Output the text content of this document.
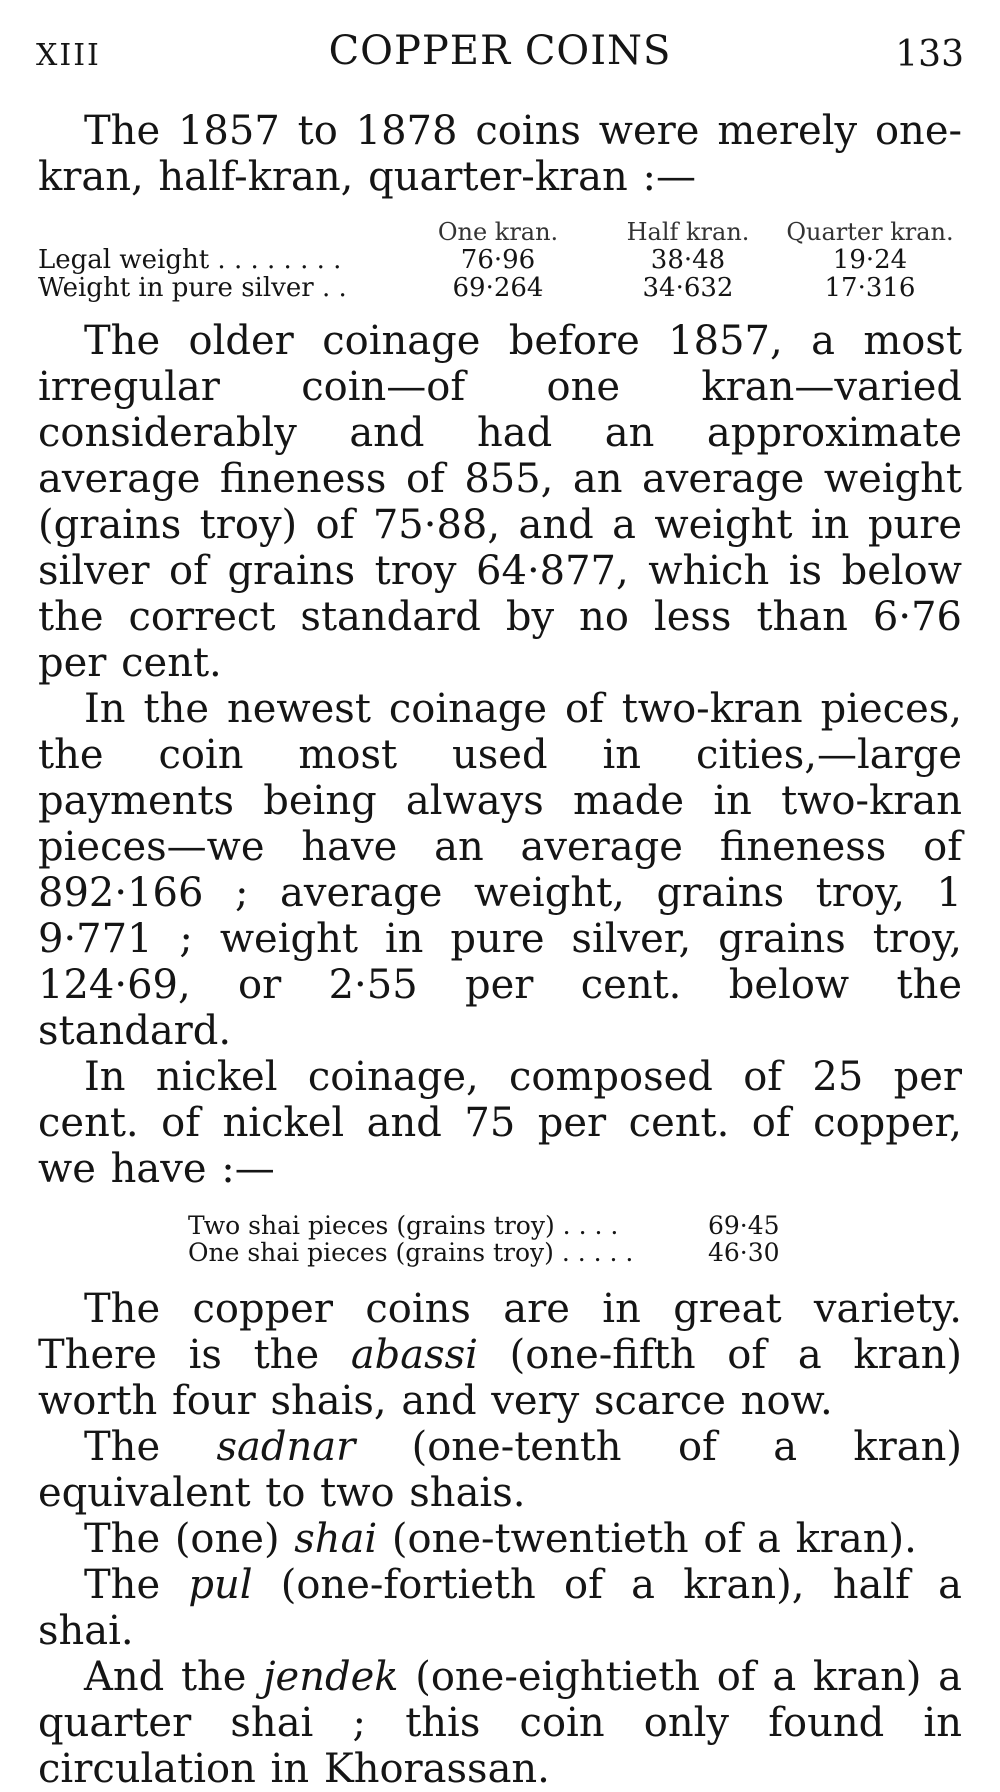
XIII	COPPER COINS	133

The 1857 to 1878 coins were merely one-kran, half-kran, quarter-kran :—

	One kran.	Half kran.	Quarter kran.
Legal weight . . . . . . . .	76·96	38·48	19·24
Weight in pure silver . .	69·264	34·632	17·316

The older coinage before 1857, a most irregular coin—of one kran—varied considerably and had an approximate average fineness of 855, an average weight (grains troy) of 75·88, and a weight in pure silver of grains troy 64·877, which is below the correct standard by no less than 6·76 per cent.

In the newest coinage of two-kran pieces, the coin most used in cities,—large payments being always made in two-kran pieces—we have an average fineness of 892·166 ; average weight, grains troy, 1 9·771 ; weight in pure silver, grains troy, 124·69, or 2·55 per cent. below the standard.

In nickel coinage, composed of 25 per cent. of nickel and 75 per cent. of copper, we have :—

Two shai pieces (grains troy) . . . .	69·45
One shai pieces (grains troy) . . . . .	46·30

The copper coins are in great variety. There is the abassi (one-fifth of a kran) worth four shais, and very scarce now.

The sadnar (one-tenth of a kran) equivalent to two shais.

The (one) shai (one-twentieth of a kran).

The pul (one-fortieth of a kran), half a shai.

And the jendek (one-eightieth of a kran) a quarter shai ; this coin only found in circulation in Khorassan.
